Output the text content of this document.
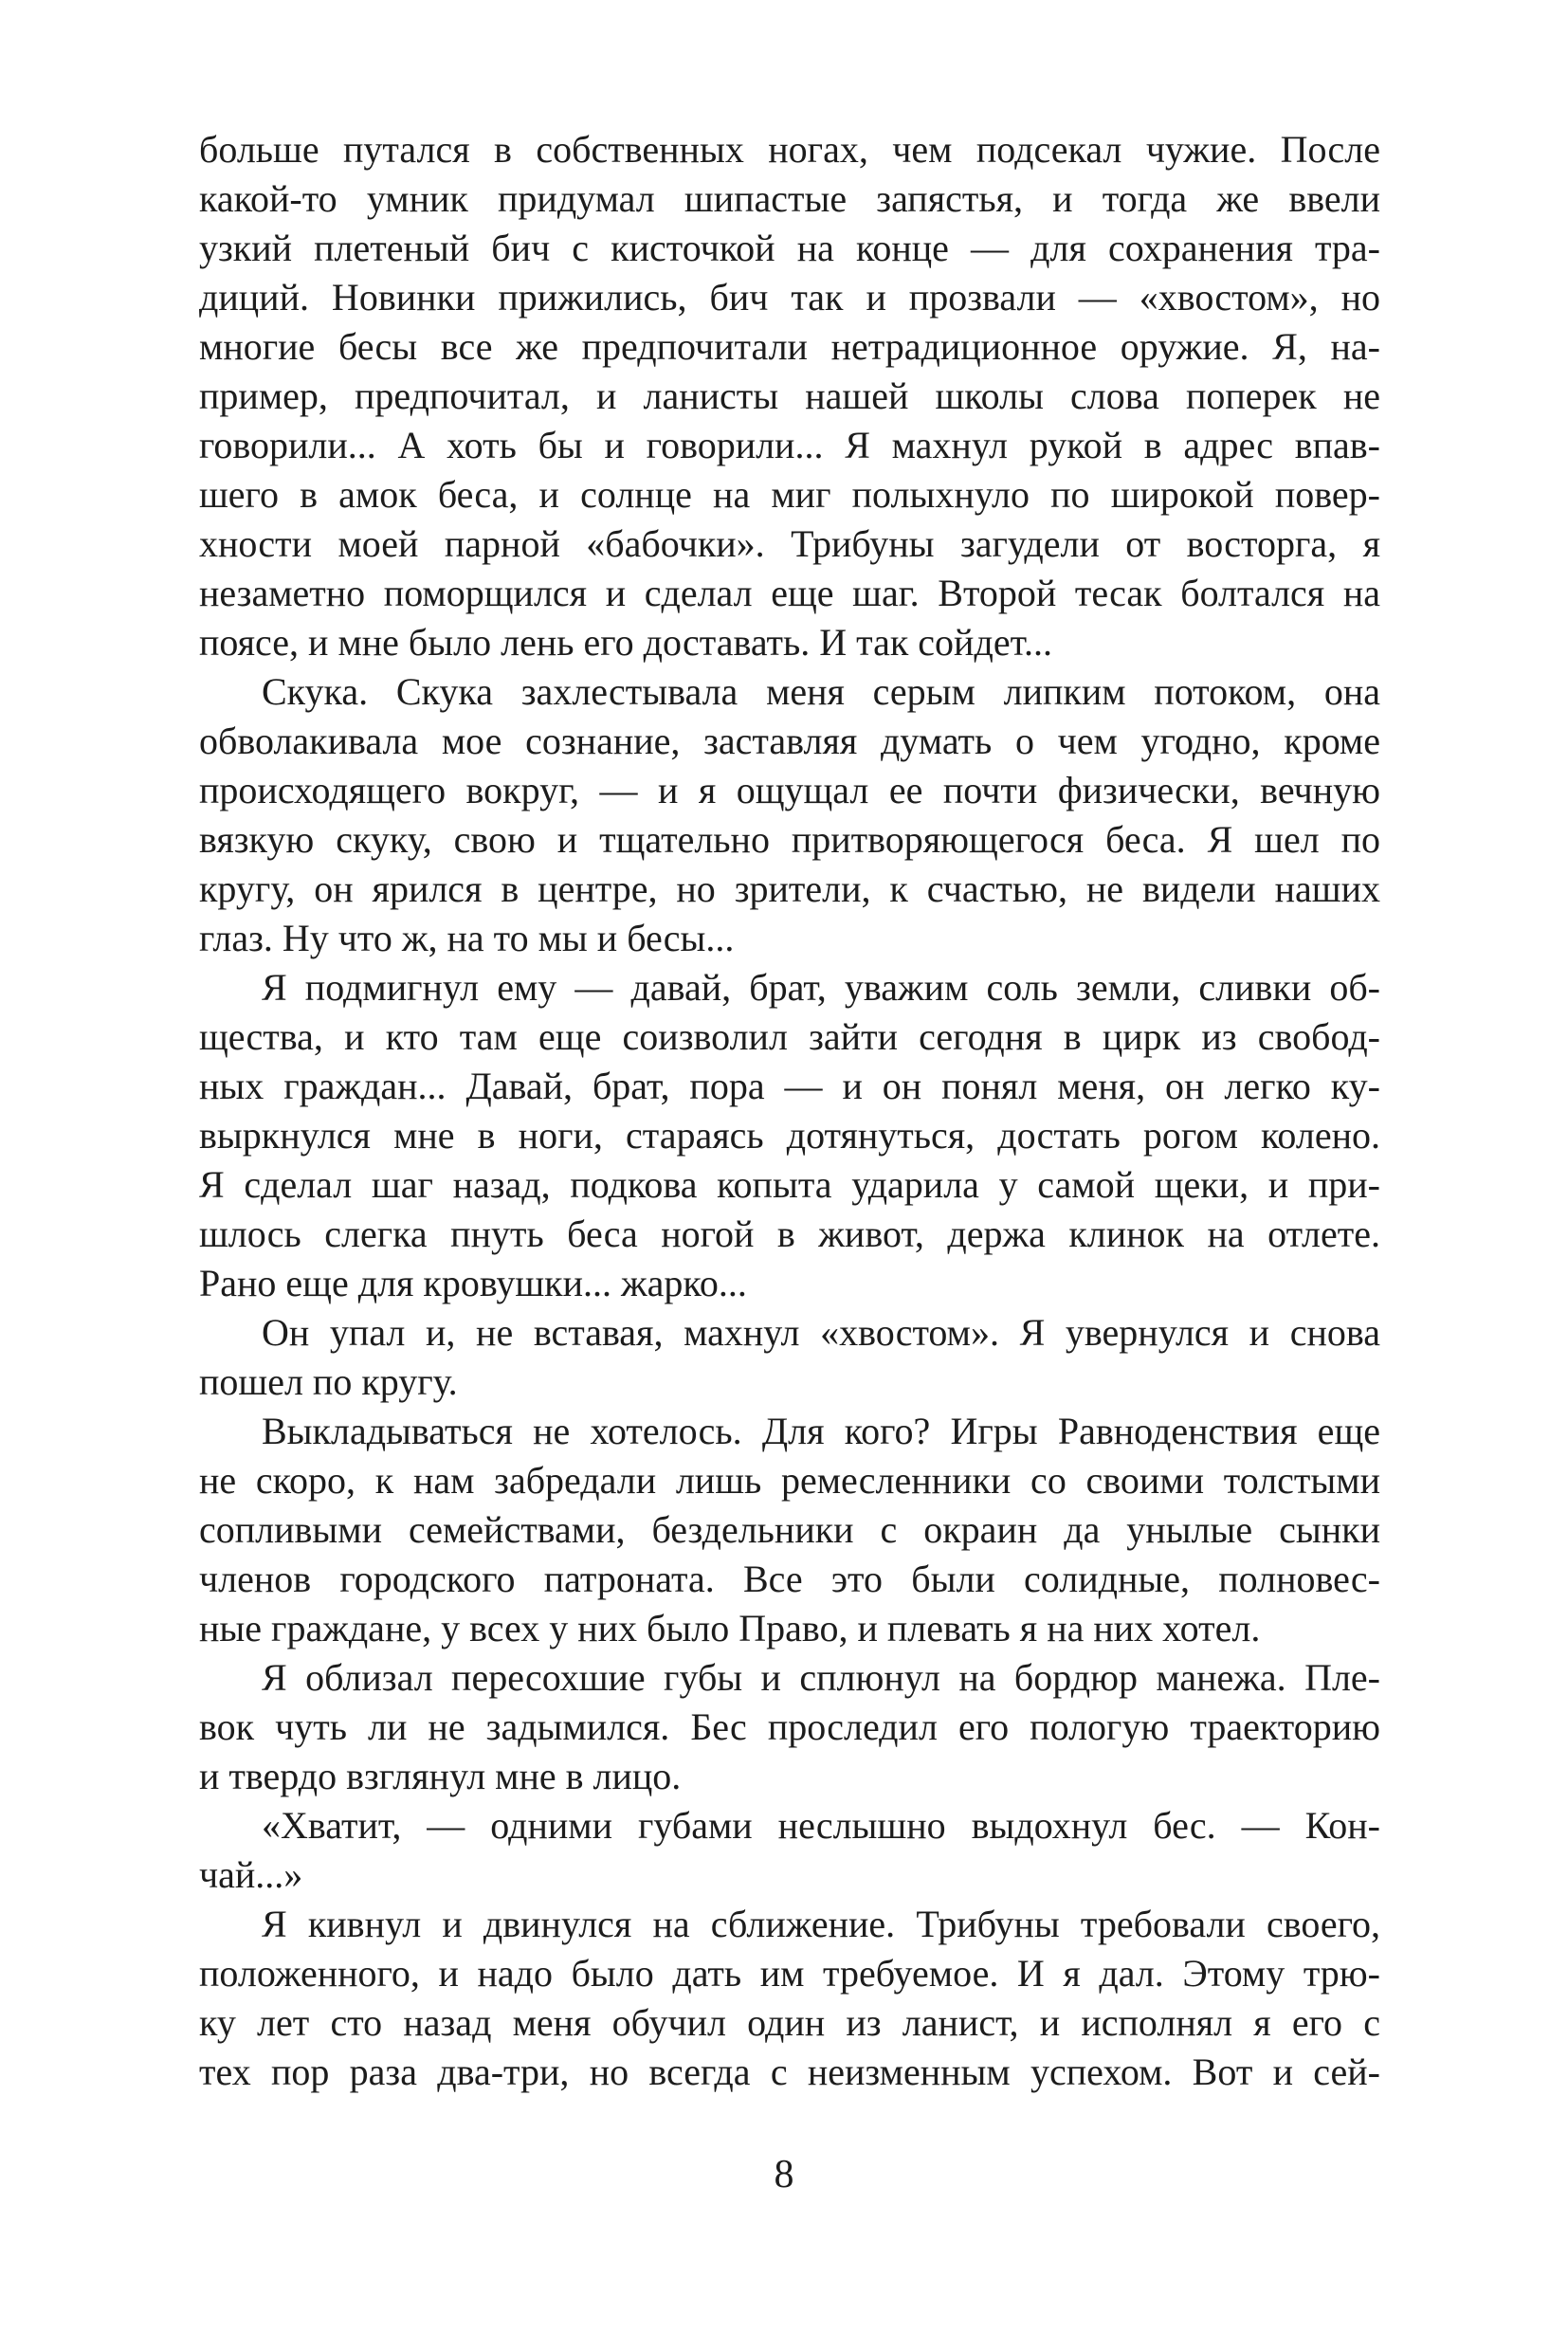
больше путался в собственных ногах, чем подсекал чужие. После
какой-то умник придумал шипастые запястья, и тогда же ввели
узкий плетеный бич с кисточкой на конце — для сохранения тра-
диций. Новинки прижились, бич так и прозвали — «хвостом», но
многие бесы все же предпочитали нетрадиционное оружие. Я, на-
пример, предпочитал, и ланисты нашей школы слова поперек не
говорили... А хоть бы и говорили... Я махнул рукой в адрес впав-
шего в амок беса, и солнце на миг полыхнуло по широкой повер-
хности моей парной «бабочки». Трибуны загудели от восторга, я
незаметно поморщился и сделал еще шаг. Второй тесак болтался на
поясе, и мне было лень его доставать. И так сойдет...
Скука. Скука захлестывала меня серым липким потоком, она
обволакивала мое сознание, заставляя думать о чем угодно, кроме
происходящего вокруг, — и я ощущал ее почти физически, вечную
вязкую скуку, свою и тщательно притворяющегося беса. Я шел по
кругу, он ярился в центре, но зрители, к счастью, не видели наших
глаз. Ну что ж, на то мы и бесы...
Я подмигнул ему — давай, брат, уважим соль земли, сливки об-
щества, и кто там еще соизволил зайти сегодня в цирк из свобод-
ных граждан... Давай, брат, пора — и он понял меня, он легко ку-
выркнулся мне в ноги, стараясь дотянуться, достать рогом колено.
Я сделал шаг назад, подкова копыта ударила у самой щеки, и при-
шлось слегка пнуть беса ногой в живот, держа клинок на отлете.
Рано еще для кровушки... жарко...
Он упал и, не вставая, махнул «хвостом». Я увернулся и снова
пошел по кругу.
Выкладываться не хотелось. Для кого? Игры Равноденствия еще
не скоро, к нам забредали лишь ремесленники со своими толстыми
сопливыми семействами, бездельники с окраин да унылые сынки
членов городского патроната. Все это были солидные, полновес-
ные граждане, у всех у них было Право, и плевать я на них хотел.
Я облизал пересохшие губы и сплюнул на бордюр манежа. Пле-
вок чуть ли не задымился. Бес проследил его пологую траекторию
и твердо взглянул мне в лицо.
«Хватит, — одними губами неслышно выдохнул бес. — Кон-
чай...»
Я кивнул и двинулся на сближение. Трибуны требовали своего,
положенного, и надо было дать им требуемое. И я дал. Этому трю-
ку лет сто назад меня обучил один из ланист, и исполнял я его с
тех пор раза два-три, но всегда с неизменным успехом. Вот и сей-
8
